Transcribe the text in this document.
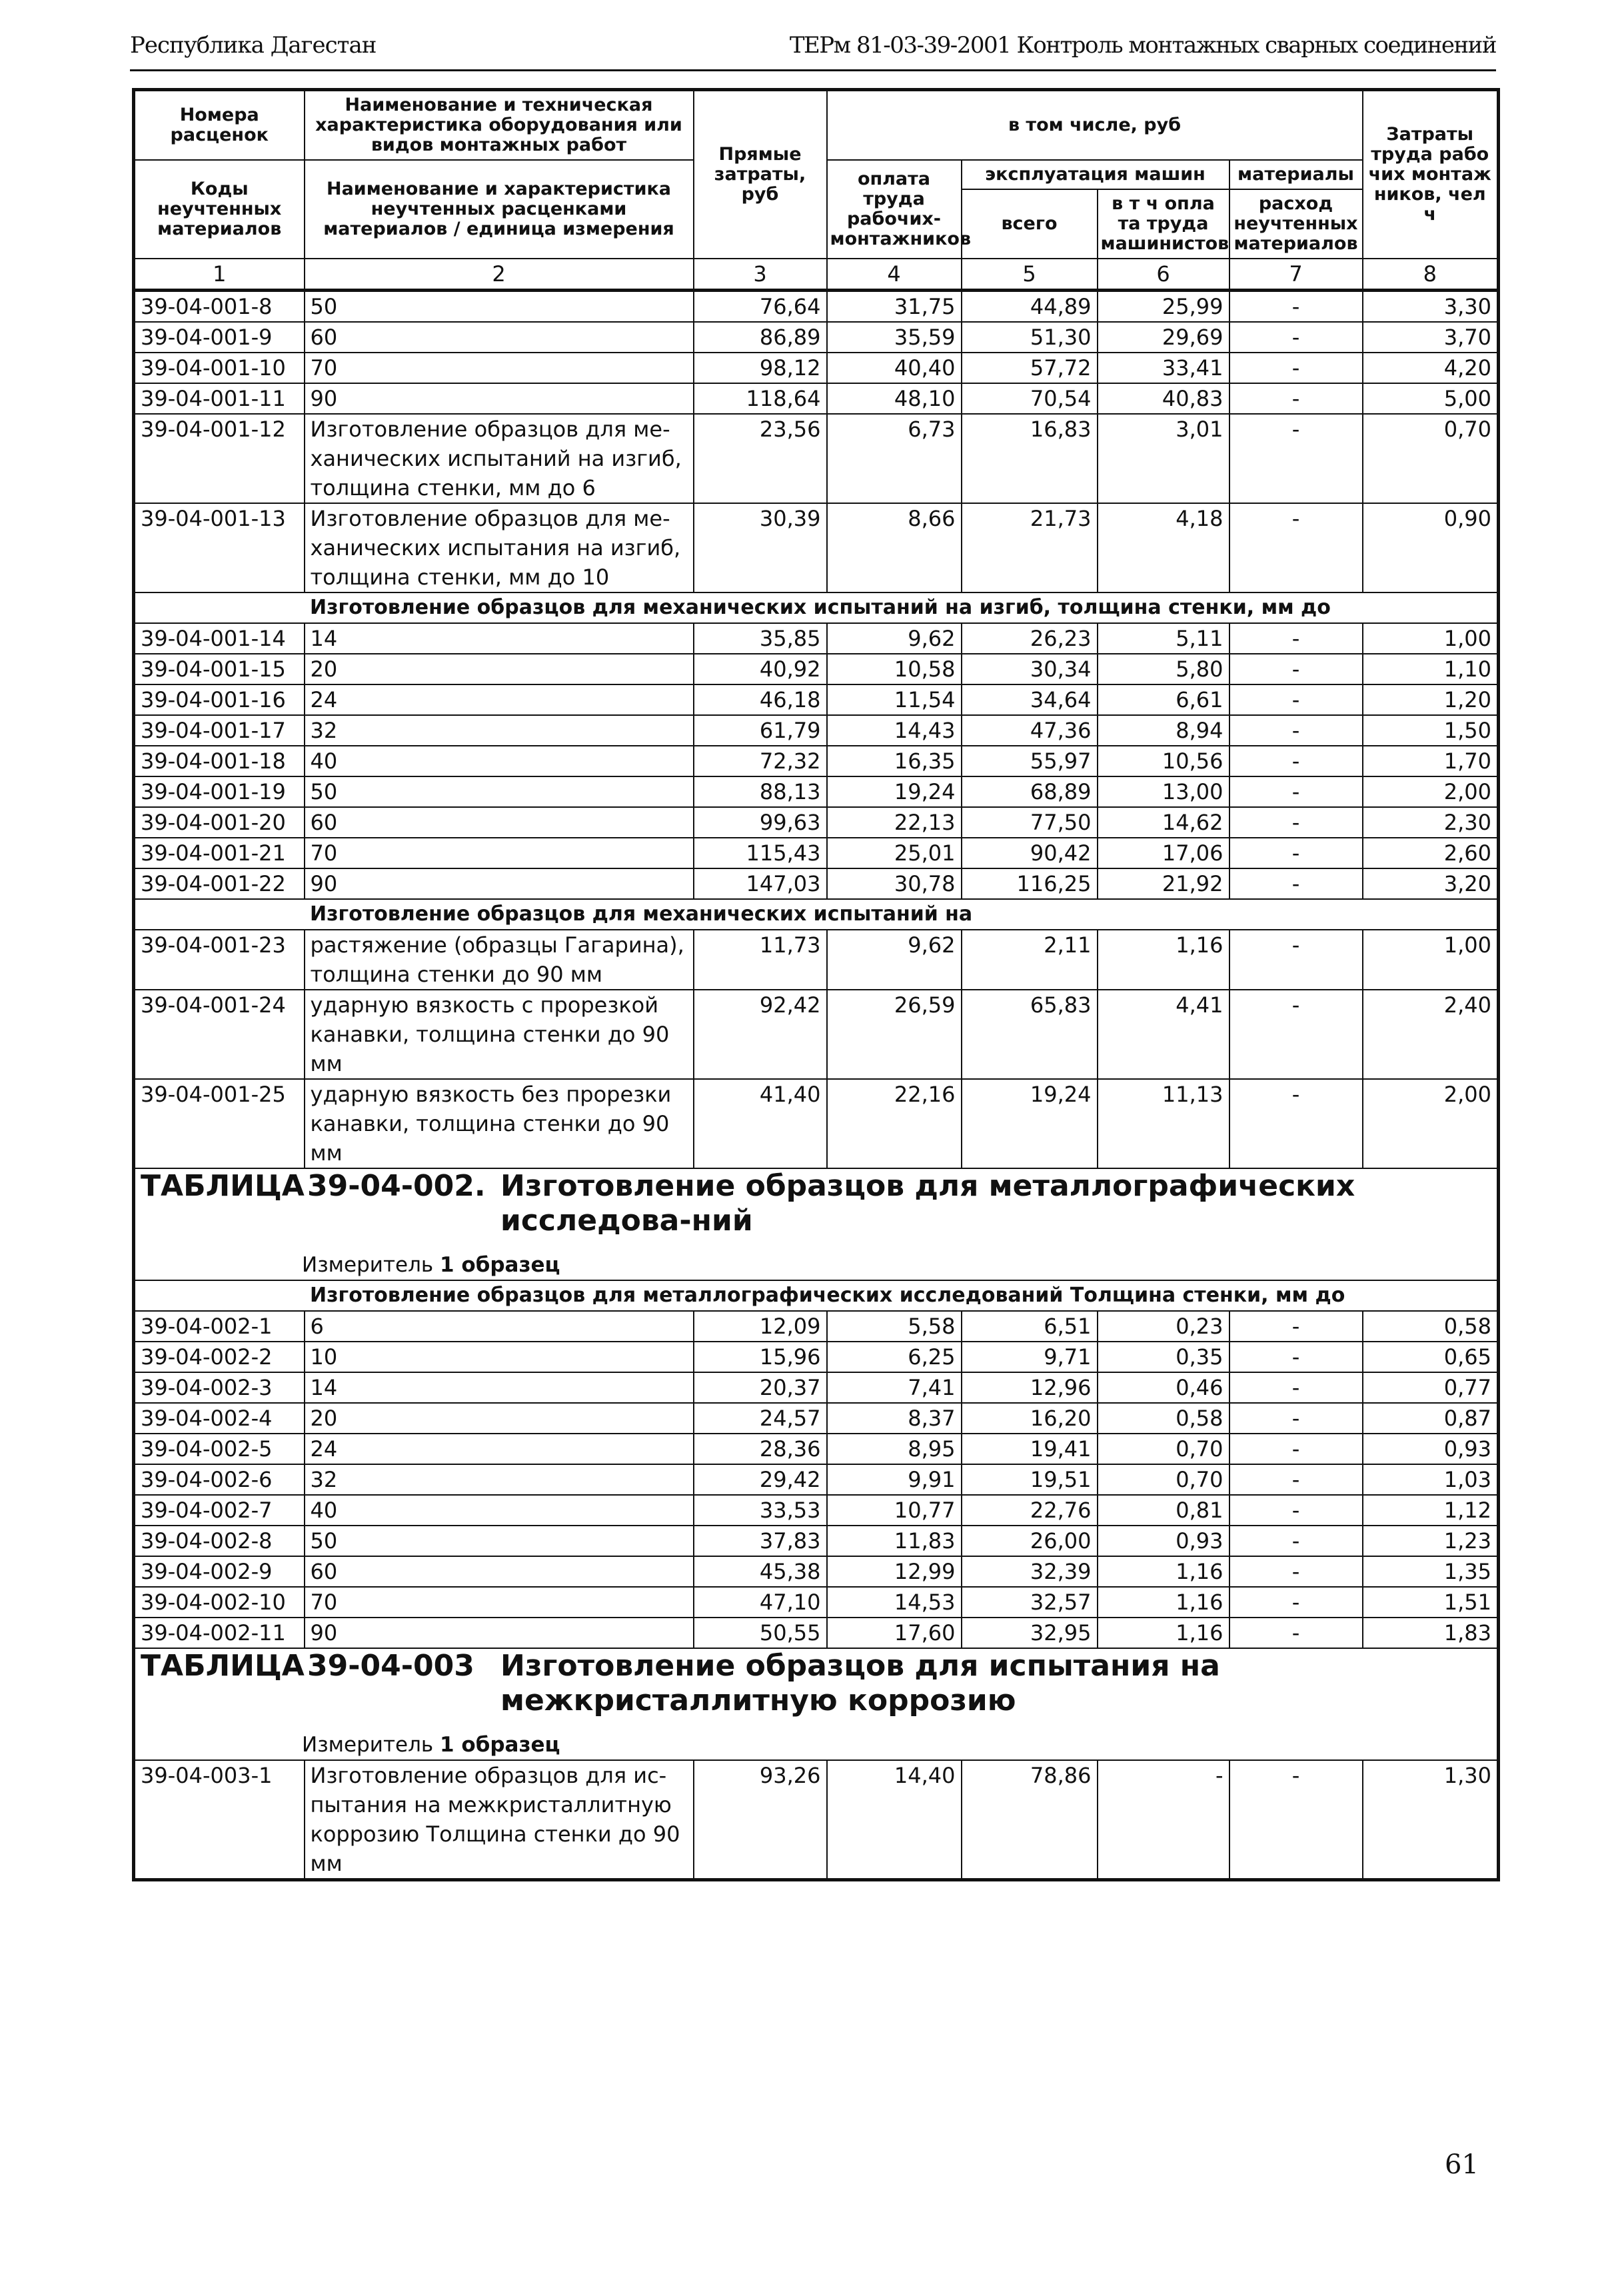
Республика Дагестан	ТЕРм 81-03-39-2001 Контроль монтажных сварных соединений
Номера расценок	Наименование и техническая характеристика оборудования или видов монтажных работ	Прямые затраты, руб	в том числе, руб				Затраты труда рабо чих монтаж ников, чел ч
Коды неучтенных материалов	Наименование и характеристика неучтенных расценками материалов / единица измерения		оплата труда рабочих-монтажников	эксплуатация машин		материалы	
				всего	в т ч опла та труда машинистов	расход неучтенных материалов	
1	2	3	4	5	6	7	8
39-04-001-8	50	76,64	31,75	44,89	25,99	-	3,30
39-04-001-9	60	86,89	35,59	51,30	29,69	-	3,70
39-04-001-10	70	98,12	40,40	57,72	33,41	-	4,20
39-04-001-11	90	118,64	48,10	70,54	40,83	-	5,00
39-04-001-12	Изготовление образцов для ме-ханических испытаний на изгиб, толщина стенки, мм до 6	23,56	6,73	16,83	3,01	-	0,70
39-04-001-13	Изготовление образцов для ме-ханических испытания на изгиб, толщина стенки, мм до 10	30,39	8,66	21,73	4,18	-	0,90
Изготовление образцов для механических испытаний на изгиб, толщина стенки, мм до							
39-04-001-14	14	35,85	9,62	26,23	5,11	-	1,00
39-04-001-15	20	40,92	10,58	30,34	5,80	-	1,10
39-04-001-16	24	46,18	11,54	34,64	6,61	-	1,20
39-04-001-17	32	61,79	14,43	47,36	8,94	-	1,50
39-04-001-18	40	72,32	16,35	55,97	10,56	-	1,70
39-04-001-19	50	88,13	19,24	68,89	13,00	-	2,00
39-04-001-20	60	99,63	22,13	77,50	14,62	-	2,30
39-04-001-21	70	115,43	25,01	90,42	17,06	-	2,60
39-04-001-22	90	147,03	30,78	116,25	21,92	-	3,20
Изготовление образцов для механических испытаний на							
39-04-001-23	растяжение (образцы Гагарина), толщина стенки до 90 мм	11,73	9,62	2,11	1,16	-	1,00
39-04-001-24	ударную вязкость с прорезкой канавки, толщина стенки до 90 мм	92,42	26,59	65,83	4,41	-	2,40
39-04-001-25	ударную вязкость без прорезки канавки, толщина стенки до 90 мм	41,40	22,16	19,24	11,13	-	2,00

ТАБЛИЦА 39-04-002. Изготовление образцов для металлографических исследова-ний
Измеритель 1 образец							

Изготовление образцов для металлографических исследований Толщина стенки, мм до							
39-04-002-1	6	12,09	5,58	6,51	0,23	-	0,58
39-04-002-2	10	15,96	6,25	9,71	0,35	-	0,65
39-04-002-3	14	20,37	7,41	12,96	0,46	-	0,77
39-04-002-4	20	24,57	8,37	16,20	0,58	-	0,87
39-04-002-5	24	28,36	8,95	19,41	0,70	-	0,93
39-04-002-6	32	29,42	9,91	19,51	0,70	-	1,03
39-04-002-7	40	33,53	10,77	22,76	0,81	-	1,12
39-04-002-8	50	37,83	11,83	26,00	0,93	-	1,23
39-04-002-9	60	45,38	12,99	32,39	1,16	-	1,35
39-04-002-10	70	47,10	14,53	32,57	1,16	-	1,51
39-04-002-11	90	50,55	17,60	32,95	1,16	-	1,83

ТАБЛИЦА 39-04-003 Изготовление образцов для испытания на межкристаллитную коррозию
Измеритель 1 образец							

39-04-003-1	Изготовление образцов для ис-пытания на межкристаллитную коррозию Толщина стенки до 90 мм	93,26	14,40	78,86	-	-	1,30
61
